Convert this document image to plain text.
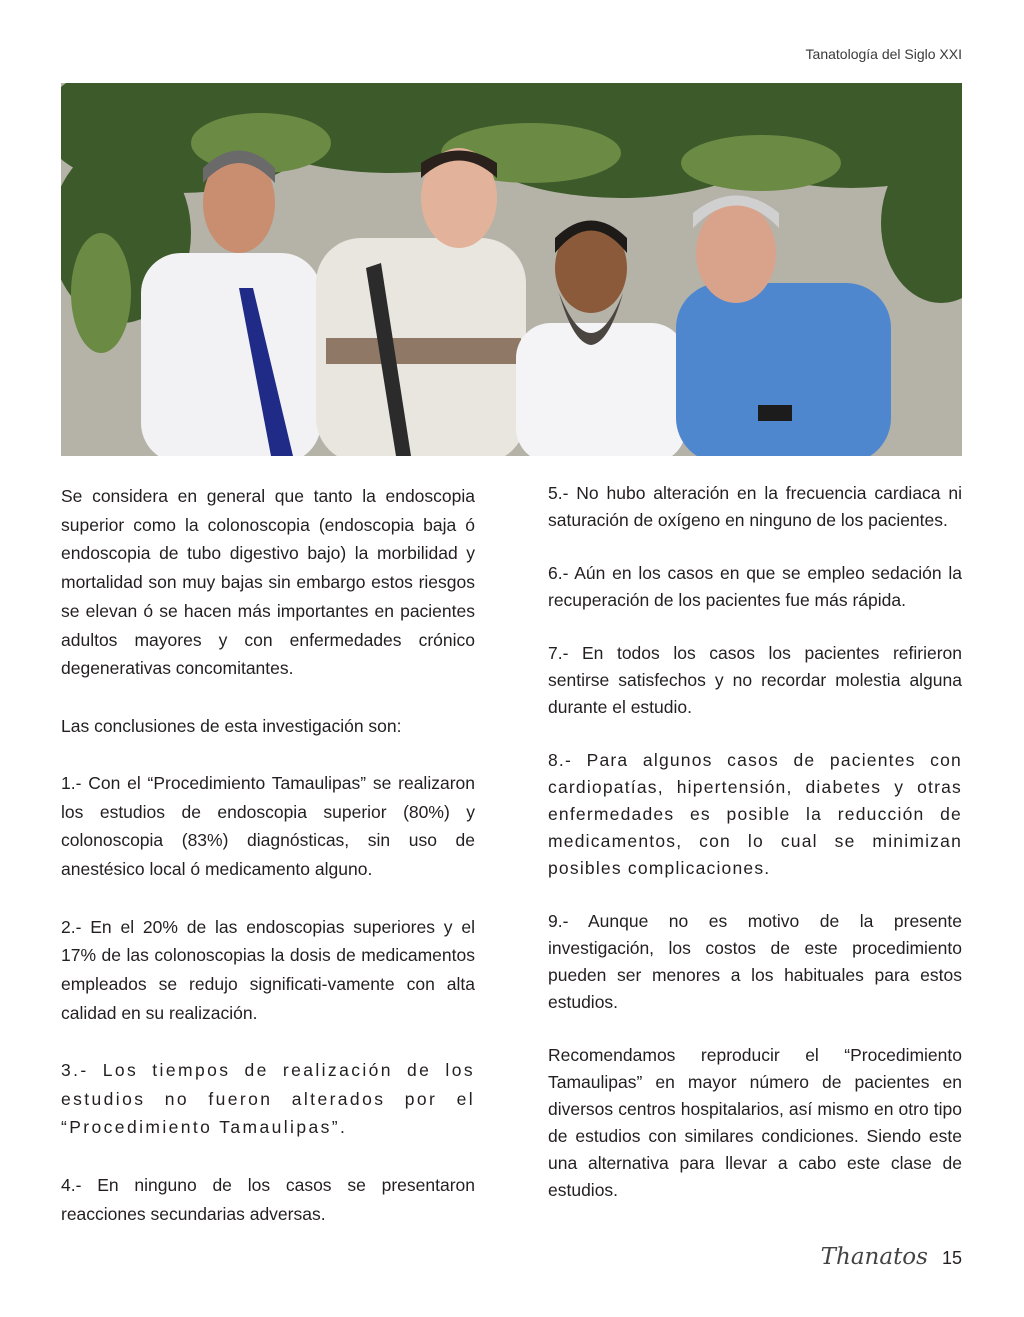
Tanatología del Siglo XXI

Se considera en general que tanto la endoscopia superior como la colonoscopia (endoscopia baja ó endoscopia de tubo digestivo bajo) la morbilidad y mortalidad son muy bajas sin embargo estos riesgos se elevan ó se hacen más importantes en pacientes adultos mayores y con enfermedades crónico degenerativas concomitantes.

Las conclusiones de esta investigación son:

1.- Con el “Procedimiento Tamaulipas” se realizaron los estudios de endoscopia superior (80%) y colonoscopia (83%) diagnósticas, sin uso de anestésico local ó medicamento alguno.

2.- En el 20% de las endoscopias superiores y el 17% de las colonoscopias la dosis de medicamentos empleados se redujo significati-vamente con alta calidad en su realización.

3.- Los tiempos de realización de los estudios no fueron alterados por el “Procedimiento Tamaulipas”.

4.- En ninguno de los casos se presentaron reacciones secundarias adversas.

5.- No hubo alteración en la frecuencia cardiaca ni saturación de oxígeno en ninguno de los pacientes.

6.- Aún en los casos en que se empleo sedación la recuperación de los pacientes fue más rápida.

7.- En todos los casos los pacientes refirieron sentirse satisfechos y no recordar molestia alguna durante el estudio.

8.- Para algunos casos de pacientes con cardiopatías, hipertensión, diabetes y otras enfermedades es posible la reducción de medicamentos, con lo cual se minimizan posibles complicaciones.

9.- Aunque no es motivo de la presente investigación, los costos de este procedimiento pueden ser menores a los habituales para estos estudios.

Recomendamos reproducir el “Procedimiento Tamaulipas” en mayor número de pacientes en diversos centros hospitalarios, así mismo en otro tipo de estudios con similares condiciones. Siendo este una alternativa para llevar a cabo este clase de estudios.

Thanatos 15
